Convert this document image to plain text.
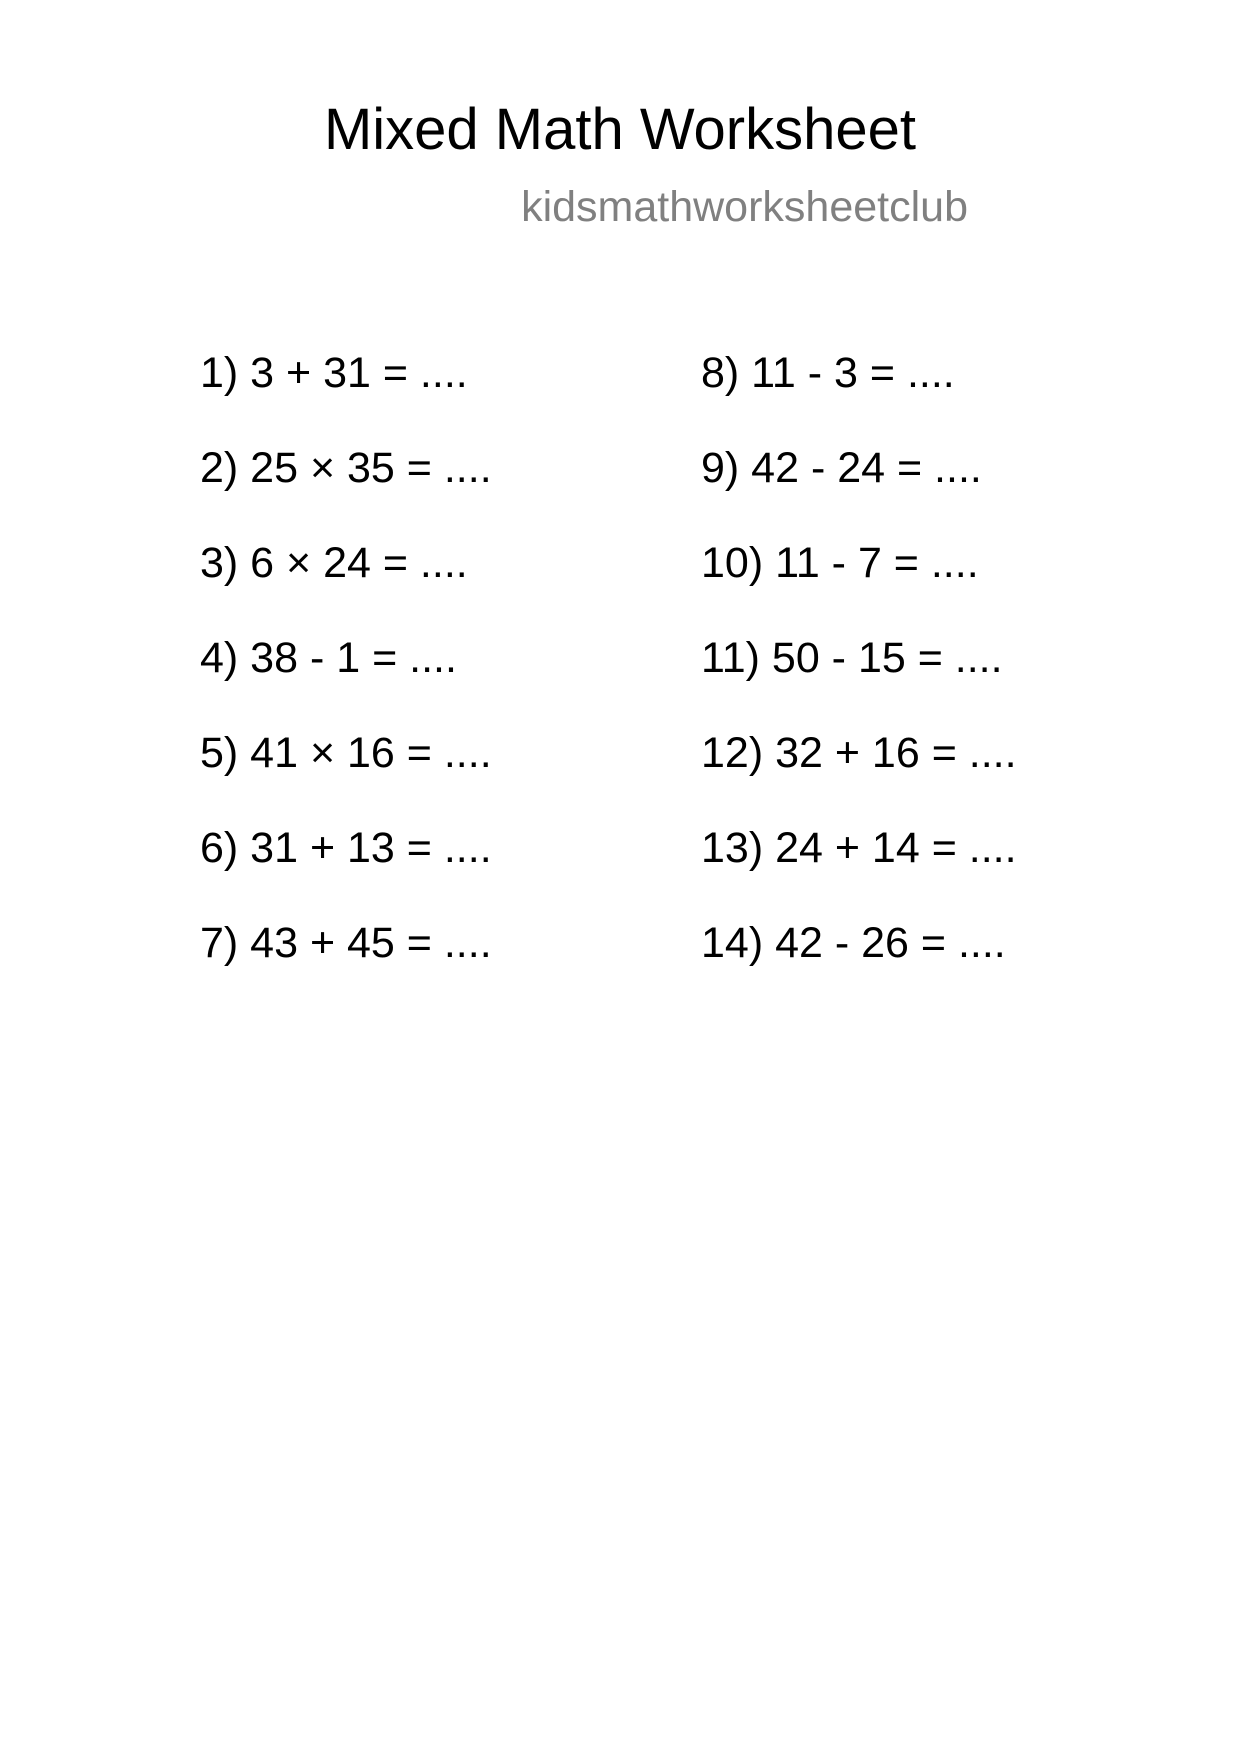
Mixed Math Worksheet
kidsmathworksheetclub
1) 3 + 31 = ....
2) 25 × 35 = ....
3) 6 × 24 = ....
4) 38 - 1 = ....
5) 41 × 16 = ....
6) 31 + 13 = ....
7) 43 + 45 = ....
8) 11 - 3 = ....
9) 42 - 24 = ....
10) 11 - 7 = ....
11) 50 - 15 = ....
12) 32 + 16 = ....
13) 24 + 14 = ....
14) 42 - 26 = ....
